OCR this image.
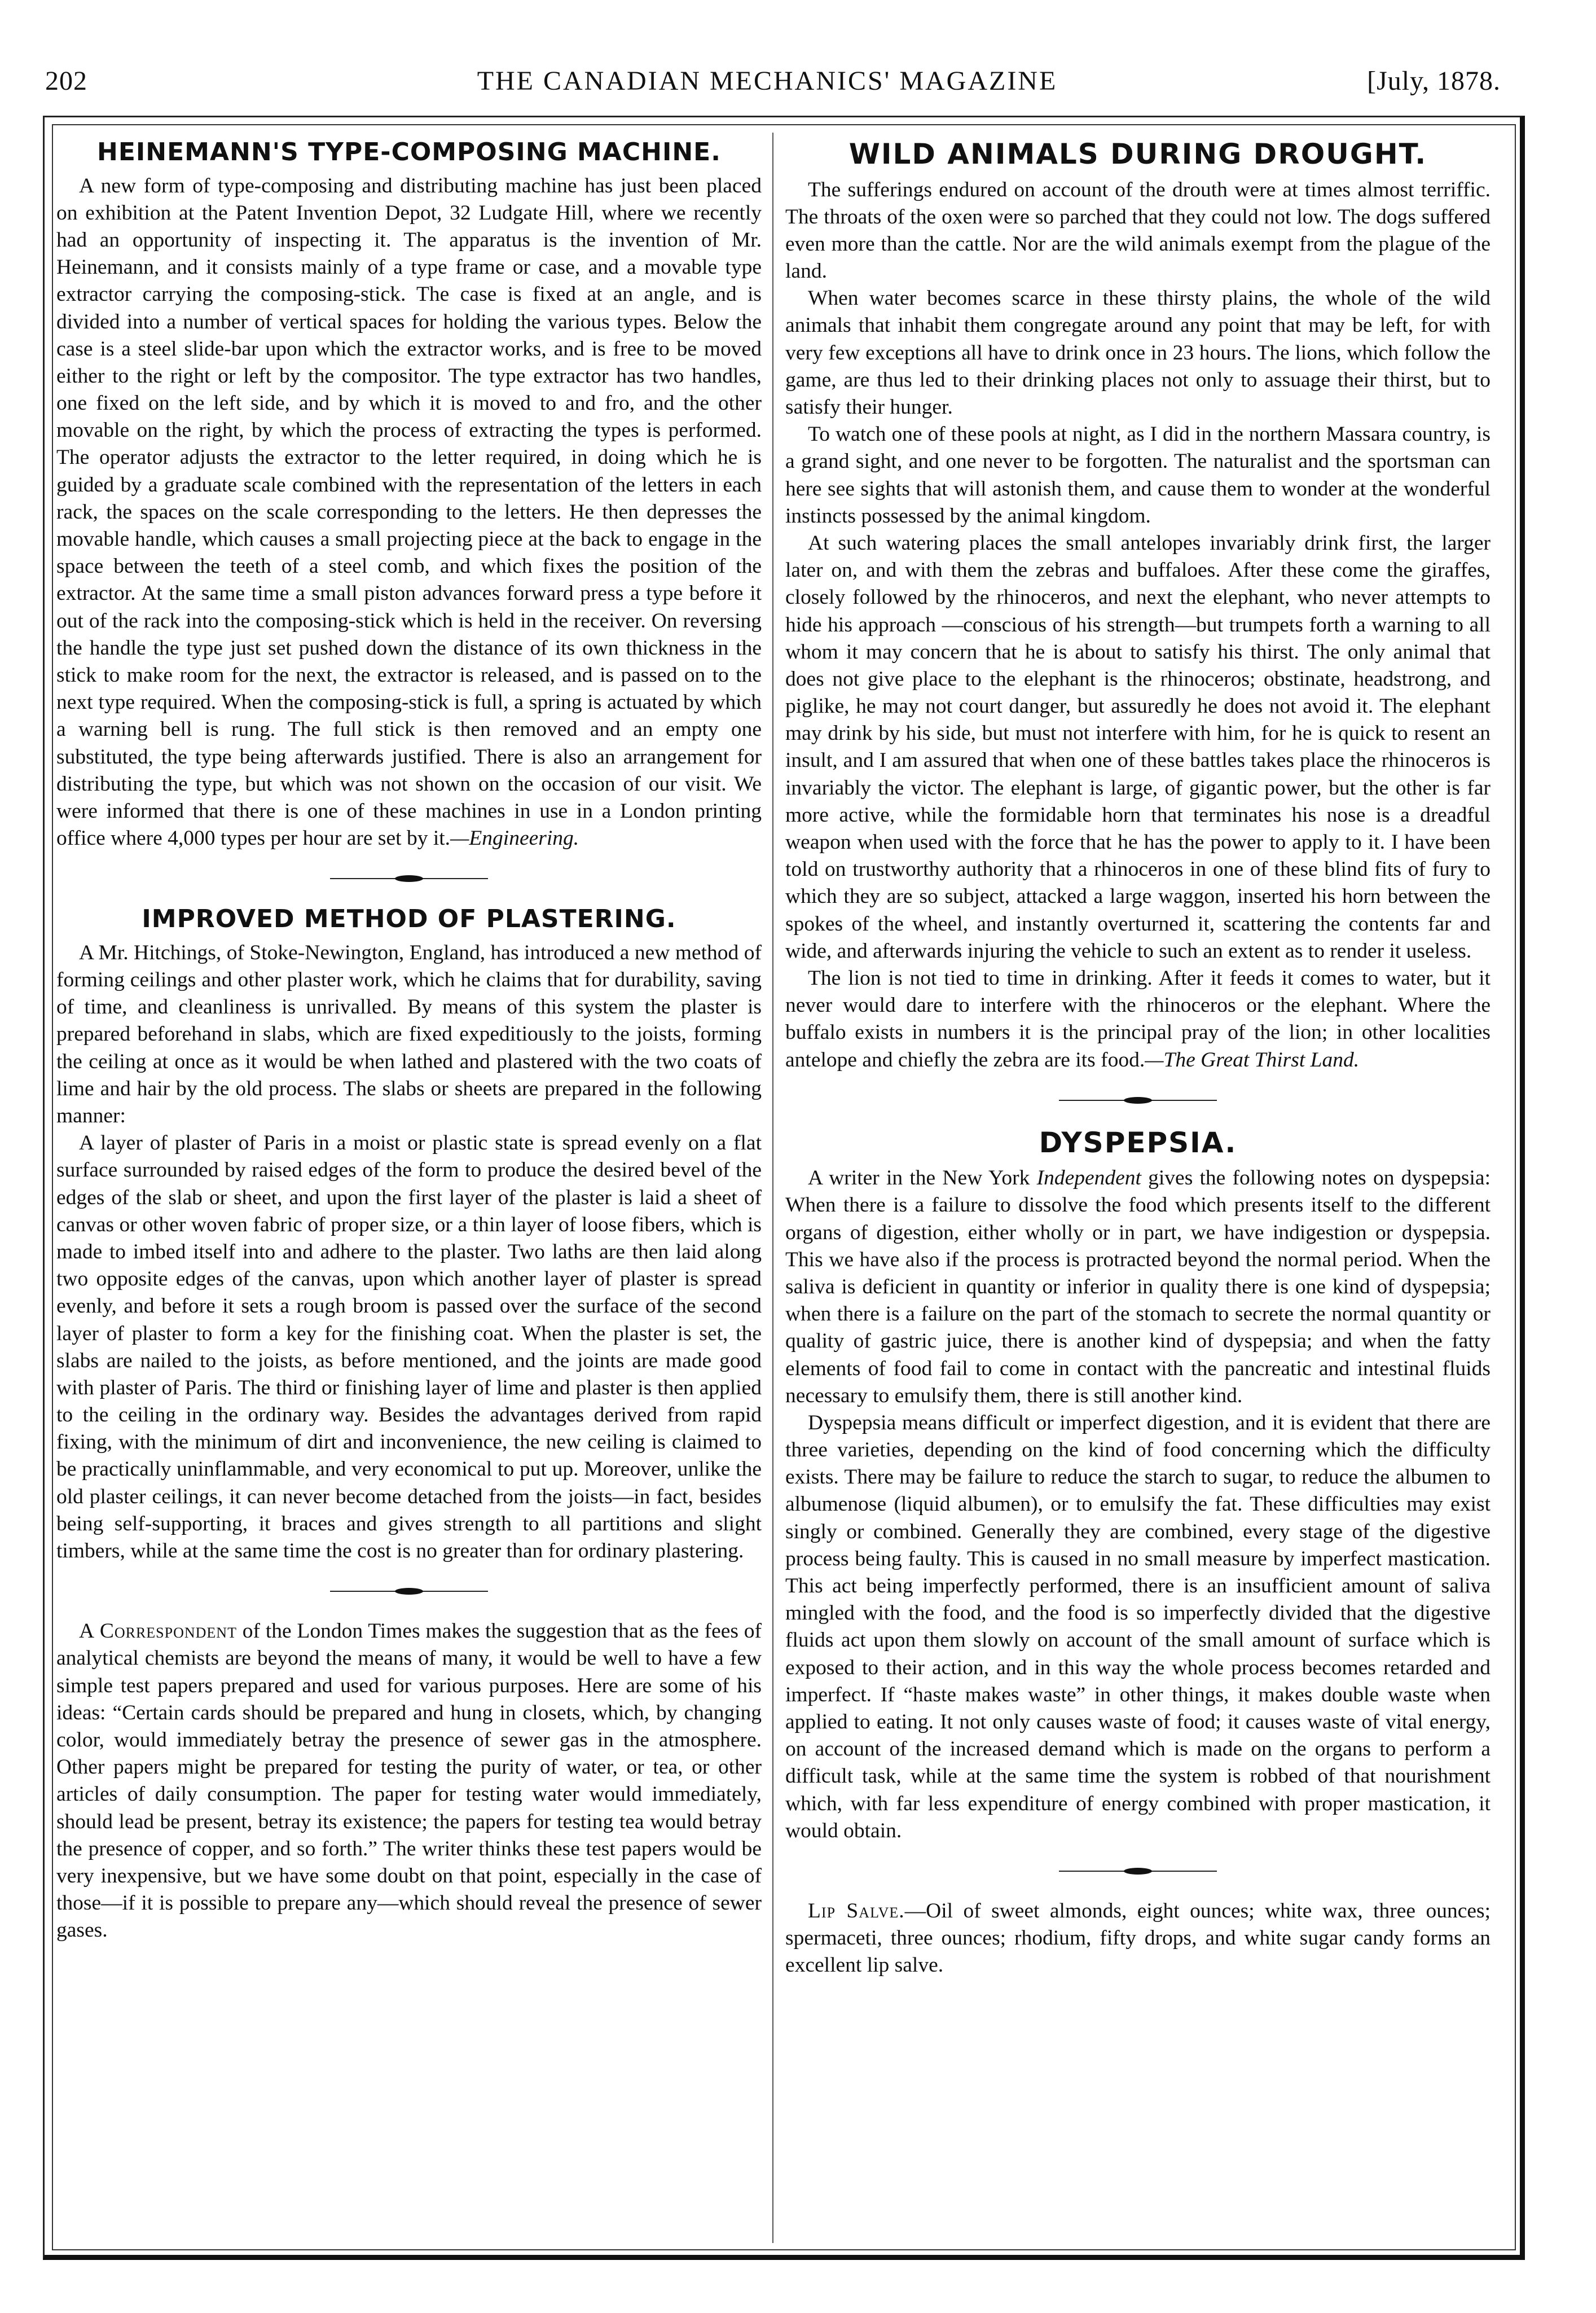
202	THE CANADIAN MECHANICS' MAGAZINE	[July, 1878.
HEINEMANN'S TYPE-COMPOSING MACHINE.

A new form of type-composing and distributing machine has just been placed on exhibition at the Patent Invention Depot, 32 Ludgate Hill, where we recently had an opportunity of inspecting it. The apparatus is the invention of Mr. Heinemann, and it consists mainly of a type frame or case, and a movable type extractor carrying the composing-stick. The case is fixed at an angle, and is divided into a number of vertical spaces for holding the various types. Below the case is a steel slide-bar upon which the extractor works, and is free to be moved either to the right or left by the compositor. The type extractor has two handles, one fixed on the left side, and by which it is moved to and fro, and the other movable on the right, by which the process of extracting the types is performed. The operator adjusts the extractor to the letter required, in doing which he is guided by a graduate scale combined with the representation of the letters in each rack, the spaces on the scale corresponding to the letters. He then depresses the movable handle, which causes a small projecting piece at the back to engage in the space between the teeth of a steel comb, and which fixes the position of the extractor. At the same time a small piston advances forward press a type before it out of the rack into the composing-stick which is held in the receiver. On reversing the handle the type just set pushed down the distance of its own thickness in the stick to make room for the next, the extractor is released, and is passed on to the next type required. When the composing-stick is full, a spring is actuated by which a warning bell is rung. The full stick is then removed and an empty one substituted, the type being afterwards justified. There is also an arrangement for distributing the type, but which was not shown on the occasion of our visit. We were informed that there is one of these machines in use in a London printing office where 4,000 types per hour are set by it.—Engineering.

IMPROVED METHOD OF PLASTERING.

A Mr. Hitchings, of Stoke-Newington, England, has introduced a new method of forming ceilings and other plaster work, which he claims that for durability, saving of time, and cleanliness is unrivalled. By means of this system the plaster is prepared beforehand in slabs, which are fixed expeditiously to the joists, forming the ceiling at once as it would be when lathed and plastered with the two coats of lime and hair by the old process. The slabs or sheets are prepared in the following manner:

A layer of plaster of Paris in a moist or plastic state is spread evenly on a flat surface surrounded by raised edges of the form to produce the desired bevel of the edges of the slab or sheet, and upon the first layer of the plaster is laid a sheet of canvas or other woven fabric of proper size, or a thin layer of loose fibers, which is made to imbed itself into and adhere to the plaster. Two laths are then laid along two opposite edges of the canvas, upon which another layer of plaster is spread evenly, and before it sets a rough broom is passed over the surface of the second layer of plaster to form a key for the finishing coat. When the plaster is set, the slabs are nailed to the joists, as before mentioned, and the joints are made good with plaster of Paris. The third or finishing layer of lime and plaster is then applied to the ceiling in the ordinary way. Besides the advantages derived from rapid fixing, with the minimum of dirt and inconvenience, the new ceiling is claimed to be practically uninflammable, and very economical to put up. Moreover, unlike the old plaster ceilings, it can never become detached from the joists—in fact, besides being self-supporting, it braces and gives strength to all partitions and slight timbers, while at the same time the cost is no greater than for ordinary plastering.

A Correspondent of the London Times makes the suggestion that as the fees of analytical chemists are beyond the means of many, it would be well to have a few simple test papers prepared and used for various purposes. Here are some of his ideas: “Certain cards should be prepared and hung in closets, which, by changing color, would immediately betray the presence of sewer gas in the atmosphere. Other papers might be prepared for testing the purity of water, or tea, or other articles of daily consumption. The paper for testing water would immediately, should lead be present, betray its existence; the papers for testing tea would betray the presence of copper, and so forth.” The writer thinks these test papers would be very inexpensive, but we have some doubt on that point, especially in the case of those—if it is possible to prepare any—which should reveal the presence of sewer gases.

WILD ANIMALS DURING DROUGHT.

The sufferings endured on account of the drouth were at times almost terriffic. The throats of the oxen were so parched that they could not low. The dogs suffered even more than the cattle. Nor are the wild animals exempt from the plague of the land.

When water becomes scarce in these thirsty plains, the whole of the wild animals that inhabit them congregate around any point that may be left, for with very few exceptions all have to drink once in 23 hours. The lions, which follow the game, are thus led to their drinking places not only to assuage their thirst, but to satisfy their hunger.

To watch one of these pools at night, as I did in the northern Massara country, is a grand sight, and one never to be forgotten. The naturalist and the sportsman can here see sights that will astonish them, and cause them to wonder at the wonderful instincts possessed by the animal kingdom.

At such watering places the small antelopes invariably drink first, the larger later on, and with them the zebras and buffaloes. After these come the giraffes, closely followed by the rhinoceros, and next the elephant, who never attempts to hide his approach —conscious of his strength—but trumpets forth a warning to all whom it may concern that he is about to satisfy his thirst. The only animal that does not give place to the elephant is the rhinoceros; obstinate, headstrong, and piglike, he may not court danger, but assuredly he does not avoid it. The elephant may drink by his side, but must not interfere with him, for he is quick to resent an insult, and I am assured that when one of these battles takes place the rhinoceros is invariably the victor. The elephant is large, of gigantic power, but the other is far more active, while the formidable horn that terminates his nose is a dreadful weapon when used with the force that he has the power to apply to it. I have been told on trustworthy authority that a rhinoceros in one of these blind fits of fury to which they are so subject, attacked a large waggon, inserted his horn between the spokes of the wheel, and instantly overturned it, scattering the contents far and wide, and afterwards injuring the vehicle to such an extent as to render it useless.

The lion is not tied to time in drinking. After it feeds it comes to water, but it never would dare to interfere with the rhinoceros or the elephant. Where the buffalo exists in numbers it is the principal pray of the lion; in other localities antelope and chiefly the zebra are its food.—The Great Thirst Land.

DYSPEPSIA.

A writer in the New York Independent gives the following notes on dyspepsia: When there is a failure to dissolve the food which presents itself to the different organs of digestion, either wholly or in part, we have indigestion or dyspepsia. This we have also if the process is protracted beyond the normal period. When the saliva is deficient in quantity or inferior in quality there is one kind of dyspepsia; when there is a failure on the part of the stomach to secrete the normal quantity or quality of gastric juice, there is another kind of dyspepsia; and when the fatty elements of food fail to come in contact with the pancreatic and intestinal fluids necessary to emulsify them, there is still another kind.

Dyspepsia means difficult or imperfect digestion, and it is evident that there are three varieties, depending on the kind of food concerning which the difficulty exists. There may be failure to reduce the starch to sugar, to reduce the albumen to albumenose (liquid albumen), or to emulsify the fat. These difficulties may exist singly or combined. Generally they are combined, every stage of the digestive process being faulty. This is caused in no small measure by imperfect mastication. This act being imperfectly performed, there is an insufficient amount of saliva mingled with the food, and the food is so imperfectly divided that the digestive fluids act upon them slowly on account of the small amount of surface which is exposed to their action, and in this way the whole process becomes retarded and imperfect. If “haste makes waste” in other things, it makes double waste when applied to eating. It not only causes waste of food; it causes waste of vital energy, on account of the increased demand which is made on the organs to perform a difficult task, while at the same time the system is robbed of that nourishment which, with far less expenditure of energy combined with proper mastication, it would obtain.

Lip Salve.—Oil of sweet almonds, eight ounces; white wax, three ounces; spermaceti, three ounces; rhodium, fifty drops, and white sugar candy forms an excellent lip salve.
